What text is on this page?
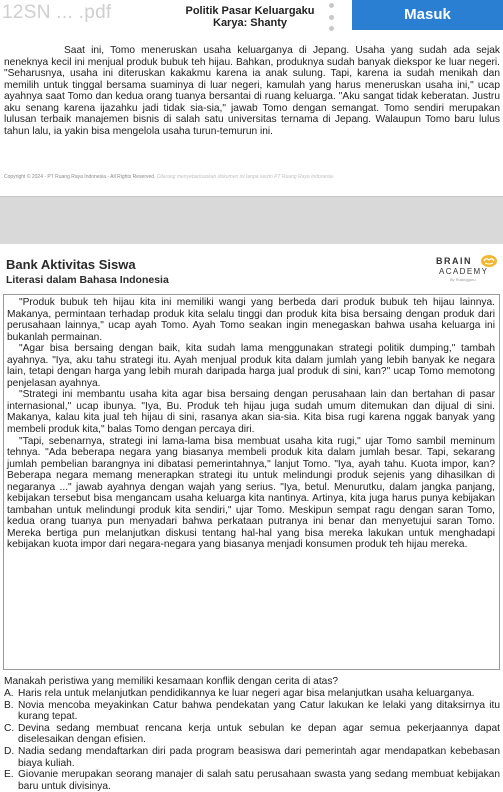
12SN ... .pdf	Politik Pasar Keluargaku
Karya: Shanty	Masuk

Saat ini, Tomo meneruskan usaha keluarganya di Jepang. Usaha yang sudah ada sejak neneknya kecil ini menjual produk bubuk teh hijau. Bahkan, produknya sudah banyak diekspor ke luar negeri. "Seharusnya, usaha ini diteruskan kakakmu karena ia anak sulung. Tapi, karena ia sudah menikah dan memilih untuk tinggal bersama suaminya di luar negeri, kamulah yang harus meneruskan usaha ini," ucap ayahnya saat Tomo dan kedua orang tuanya bersantai di ruang keluarga. "Aku sangat tidak keberatan. Justru aku senang karena ijazahku jadi tidak sia-sia," jawab Tomo dengan semangat. Tomo sendiri merupakan lulusan terbaik manajemen bisnis di salah satu universitas ternama di Jepang. Walaupun Tomo baru lulus tahun lalu, ia yakin bisa mengelola usaha turun-temurun ini.

Copyright © 2024 - PT Ruang Raya Indonesia - All Rights Reserved. Dilarang menyebarluaskan dokumen ini tanpa seizin PT Ruang Raya Indonesia.
Bank Aktivitas Siswa
Literasi dalam Bahasa Indonesia
BRAIN
ACADEMY
By Ruangguru

"Produk bubuk teh hijau kita ini memiliki wangi yang berbeda dari produk bubuk teh hijau lainnya. Makanya, permintaan terhadap produk kita selalu tinggi dan produk kita bisa bersaing dengan produk dari perusahaan lainnya," ucap ayah Tomo. Ayah Tomo seakan ingin menegaskan bahwa usaha keluarga ini bukanlah permainan.

"Agar bisa bersaing dengan baik, kita sudah lama menggunakan strategi politik dumping," tambah ayahnya. "Iya, aku tahu strategi itu. Ayah menjual produk kita dalam jumlah yang lebih banyak ke negara lain, tetapi dengan harga yang lebih murah daripada harga jual produk di sini, kan?" ucap Tomo memotong penjelasan ayahnya.

"Strategi ini membantu usaha kita agar bisa bersaing dengan perusahaan lain dan bertahan di pasar internasional," ucap ibunya. "Iya, Bu. Produk teh hijau juga sudah umum ditemukan dan dijual di sini. Makanya, kalau kita jual teh hijau di sini, rasanya akan sia-sia. Kita bisa rugi karena nggak banyak yang membeli produk kita," balas Tomo dengan percaya diri.

"Tapi, sebenarnya, strategi ini lama-lama bisa membuat usaha kita rugi," ujar Tomo sambil meminum tehnya. "Ada beberapa negara yang biasanya membeli produk kita dalam jumlah besar. Tapi, sekarang jumlah pembelian barangnya ini dibatasi pemerintahnya," lanjut Tomo. "Iya, ayah tahu. Kuota impor, kan? Beberapa negara memang menerapkan strategi itu untuk melindungi produk sejenis yang dihasilkan di negaranya ..." jawab ayahnya dengan wajah yang serius. "Iya, betul. Menurutku, dalam jangka panjang, kebijakan tersebut bisa mengancam usaha keluarga kita nantinya. Artinya, kita juga harus punya kebijakan tambahan untuk melindungi produk kita sendiri," ujar Tomo. Meskipun sempat ragu dengan saran Tomo, kedua orang tuanya pun menyadari bahwa perkataan putranya ini benar dan menyetujui saran Tomo. Mereka bertiga pun melanjutkan diskusi tentang hal-hal yang bisa mereka lakukan untuk menghadapi kebijakan kuota impor dari negara-negara yang biasanya menjadi konsumen produk teh hijau mereka.

Manakah peristiwa yang memiliki kesamaan konflik dengan cerita di atas?
A. Haris rela untuk melanjutkan pendidikannya ke luar negeri agar bisa melanjutkan usaha keluarganya.
B. Novia mencoba meyakinkan Catur bahwa pendekatan yang Catur lakukan ke lelaki yang ditaksirnya itu kurang tepat.
C. Devina sedang membuat rencana kerja untuk sebulan ke depan agar semua pekerjaannya dapat diselesaikan dengan efisien.
D. Nadia sedang mendaftarkan diri pada program beasiswa dari pemerintah agar mendapatkan kebebasan biaya kuliah.
E. Giovanie merupakan seorang manajer di salah satu perusahaan swasta yang sedang membuat kebijakan baru untuk divisinya.
